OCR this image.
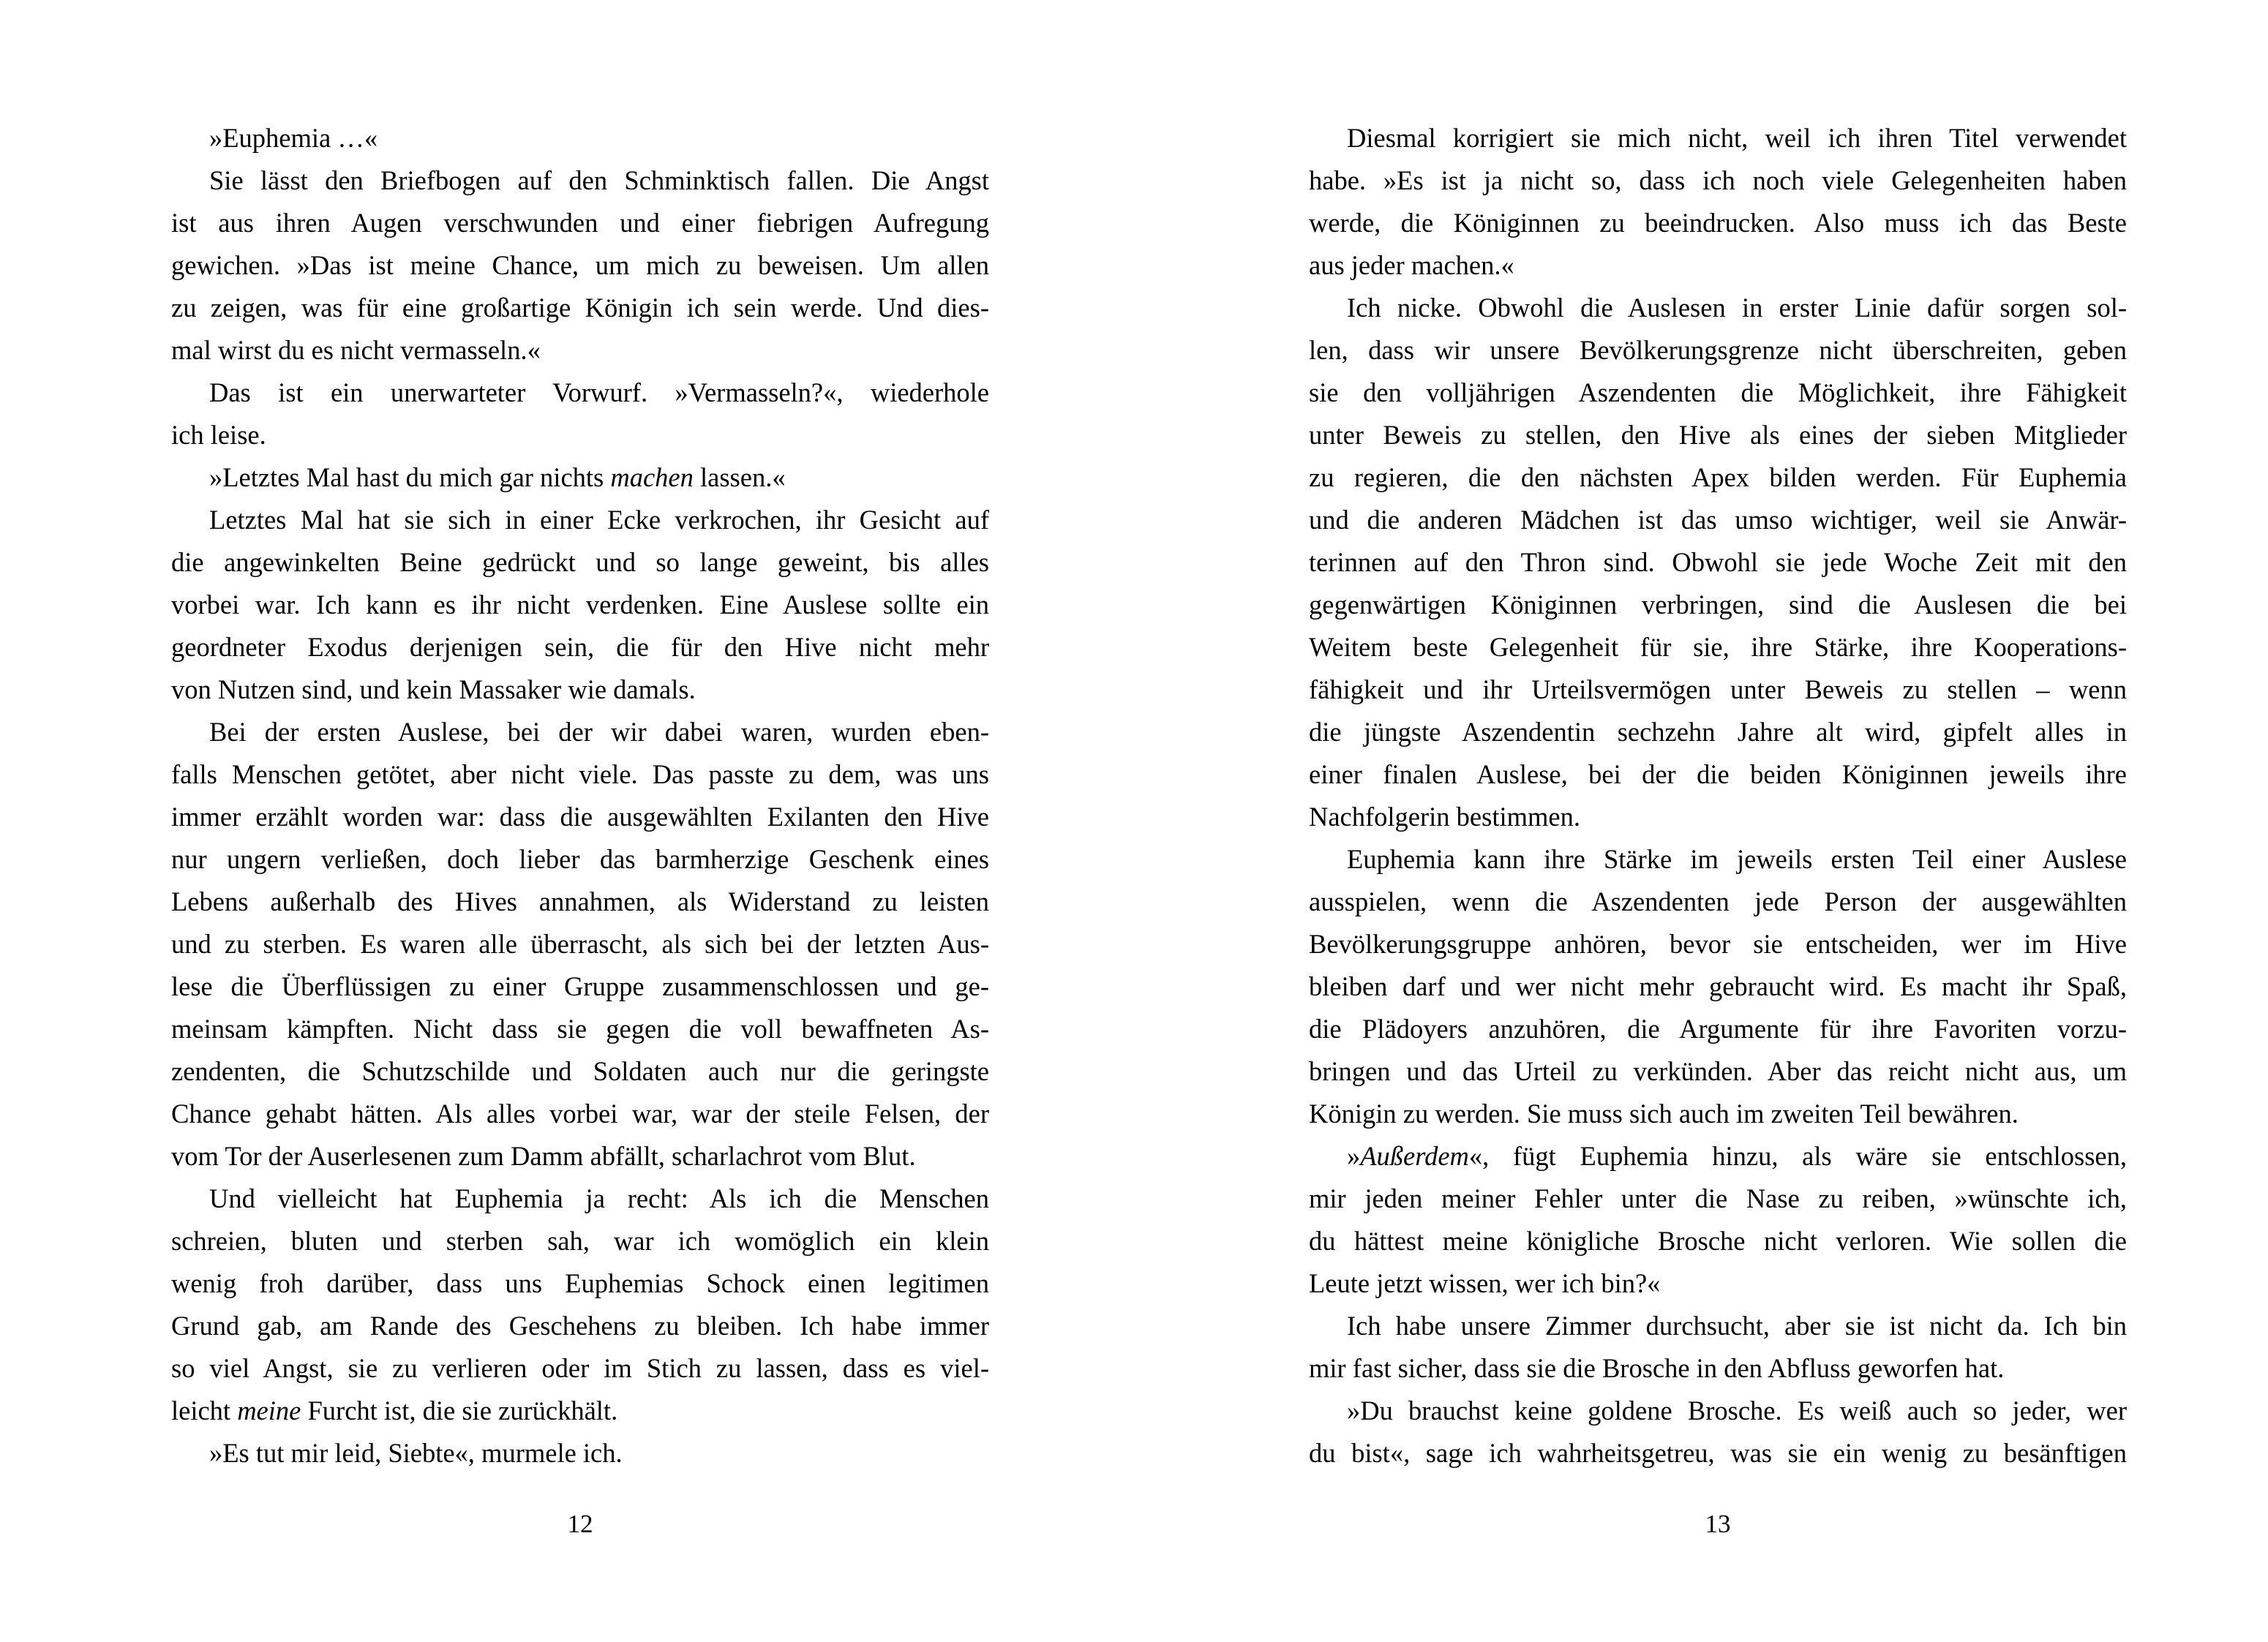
»Euphemia …«
Sie lässt den Briefbogen auf den Schminktisch fallen. Die Angst
ist aus ihren Augen verschwunden und einer fiebrigen Aufregung
gewichen. »Das ist meine Chance, um mich zu beweisen. Um allen
zu zeigen, was für eine großartige Königin ich sein werde. Und dies-
mal wirst du es nicht vermasseln.«
Das ist ein unerwarteter Vorwurf. »Vermasseln?«, wiederhole
ich leise.
»Letztes Mal hast du mich gar nichts machen lassen.«
Letztes Mal hat sie sich in einer Ecke verkrochen, ihr Gesicht auf
die angewinkelten Beine gedrückt und so lange geweint, bis alles
vorbei war. Ich kann es ihr nicht verdenken. Eine Auslese sollte ein
geordneter Exodus derjenigen sein, die für den Hive nicht mehr
von Nutzen sind, und kein Massaker wie damals.
Bei der ersten Auslese, bei der wir dabei waren, wurden eben-
falls Menschen getötet, aber nicht viele. Das passte zu dem, was uns
immer erzählt worden war: dass die ausgewählten Exilanten den Hive
nur ungern verließen, doch lieber das barmherzige Geschenk eines
Lebens außerhalb des Hives annahmen, als Widerstand zu leisten
und zu sterben. Es waren alle überrascht, als sich bei der letzten Aus-
lese die Überflüssigen zu einer Gruppe zusammenschlossen und ge-
meinsam kämpften. Nicht dass sie gegen die voll bewaffneten As-
zendenten, die Schutzschilde und Soldaten auch nur die geringste
Chance gehabt hätten. Als alles vorbei war, war der steile Felsen, der
vom Tor der Auserlesenen zum Damm abfällt, scharlachrot vom Blut.
Und vielleicht hat Euphemia ja recht: Als ich die Menschen
schreien, bluten und sterben sah, war ich womöglich ein klein
wenig froh darüber, dass uns Euphemias Schock einen legitimen
Grund gab, am Rande des Geschehens zu bleiben. Ich habe immer
so viel Angst, sie zu verlieren oder im Stich zu lassen, dass es viel-
leicht meine Furcht ist, die sie zurückhält.
»Es tut mir leid, Siebte«, murmele ich.
12
Diesmal korrigiert sie mich nicht, weil ich ihren Titel verwendet
habe. »Es ist ja nicht so, dass ich noch viele Gelegenheiten haben
werde, die Königinnen zu beeindrucken. Also muss ich das Beste
aus jeder machen.«
Ich nicke. Obwohl die Auslesen in erster Linie dafür sorgen sol-
len, dass wir unsere Bevölkerungsgrenze nicht überschreiten, geben
sie den volljährigen Aszendenten die Möglichkeit, ihre Fähigkeit
unter Beweis zu stellen, den Hive als eines der sieben Mitglieder
zu regieren, die den nächsten Apex bilden werden. Für Euphemia
und die anderen Mädchen ist das umso wichtiger, weil sie Anwär-
terinnen auf den Thron sind. Obwohl sie jede Woche Zeit mit den
gegenwärtigen Königinnen verbringen, sind die Auslesen die bei
Weitem beste Gelegenheit für sie, ihre Stärke, ihre Kooperations-
fähigkeit und ihr Urteilsvermögen unter Beweis zu stellen – wenn
die jüngste Aszendentin sechzehn Jahre alt wird, gipfelt alles in
einer finalen Auslese, bei der die beiden Königinnen jeweils ihre
Nachfolgerin bestimmen.
Euphemia kann ihre Stärke im jeweils ersten Teil einer Auslese
ausspielen, wenn die Aszendenten jede Person der ausgewählten
Bevölkerungsgruppe anhören, bevor sie entscheiden, wer im Hive
bleiben darf und wer nicht mehr gebraucht wird. Es macht ihr Spaß,
die Plädoyers anzuhören, die Argumente für ihre Favoriten vorzu-
bringen und das Urteil zu verkünden. Aber das reicht nicht aus, um
Königin zu werden. Sie muss sich auch im zweiten Teil bewähren.
»Außerdem«, fügt Euphemia hinzu, als wäre sie entschlossen,
mir jeden meiner Fehler unter die Nase zu reiben, »wünschte ich,
du hättest meine königliche Brosche nicht verloren. Wie sollen die
Leute jetzt wissen, wer ich bin?«
Ich habe unsere Zimmer durchsucht, aber sie ist nicht da. Ich bin
mir fast sicher, dass sie die Brosche in den Abfluss geworfen hat.
»Du brauchst keine goldene Brosche. Es weiß auch so jeder, wer
du bist«, sage ich wahrheitsgetreu, was sie ein wenig zu besänftigen
13
